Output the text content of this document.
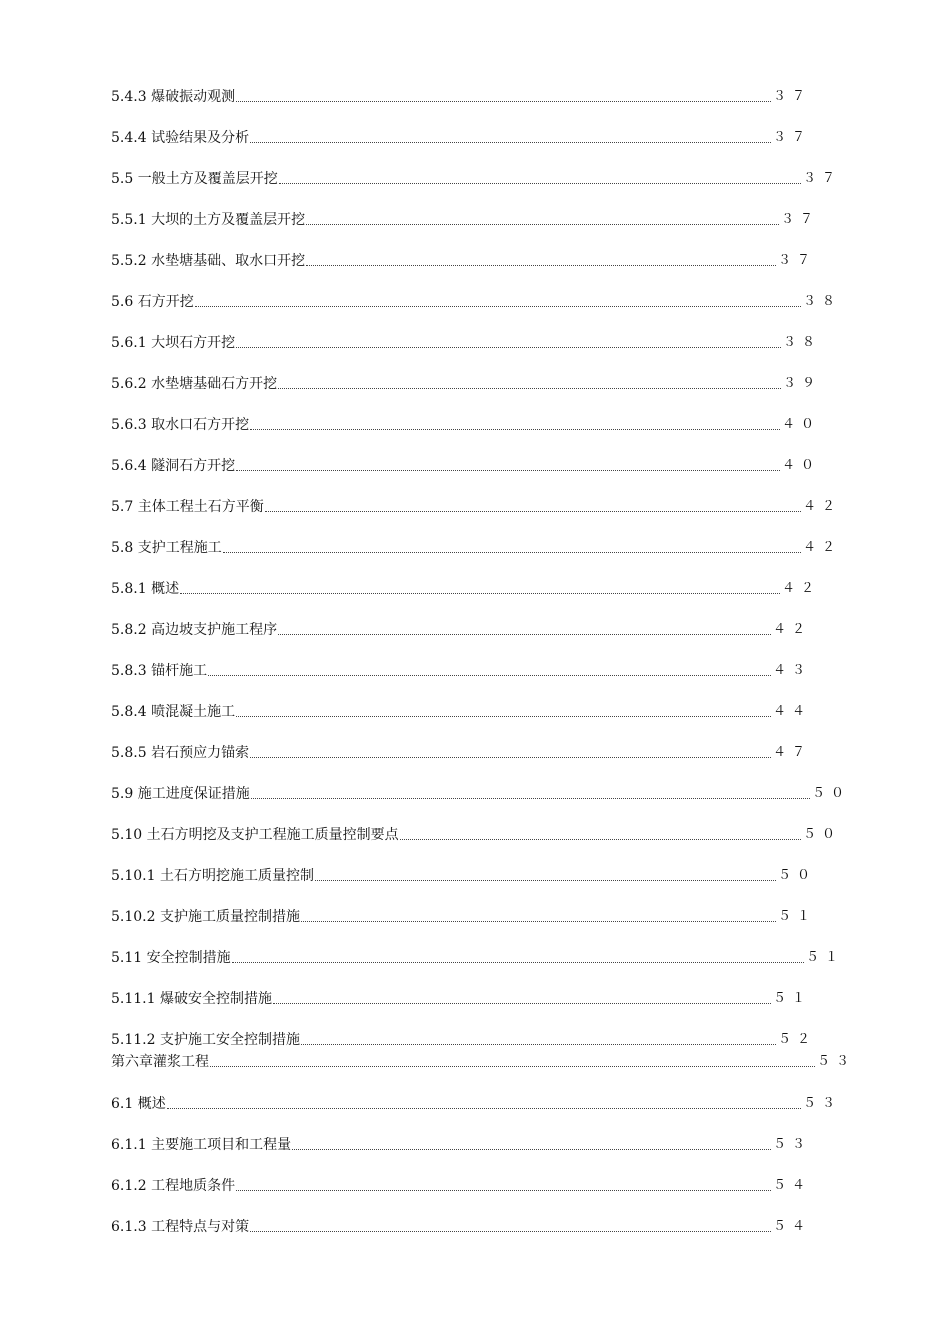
5.4.3 爆破振动观测	３７
5.4.4 试验结果及分析	３７
5.5 一般土方及覆盖层开挖	３７
5.5.1 大坝的土方及覆盖层开挖	３７
5.5.2 水垫塘基础、取水口开挖	３７
5.6 石方开挖	３８
5.6.1 大坝石方开挖	３８
5.6.2 水垫塘基础石方开挖	３９
5.6.3 取水口石方开挖	４０
5.6.4 隧洞石方开挖	４０
5.7 主体工程土石方平衡	４２
5.8 支护工程施工	４２
5.8.1 概述	４２
5.8.2 高边坡支护施工程序	４２
5.8.3 锚杆施工	４３
5.8.4 喷混凝土施工	４４
5.8.5 岩石预应力锚索	４７
5.9 施工进度保证措施	５０
5.10 土石方明挖及支护工程施工质量控制要点	５０
5.10.1 土石方明挖施工质量控制	５０
5.10.2 支护施工质量控制措施	５１
5.11 安全控制措施	５１
5.11.1 爆破安全控制措施	５１
5.11.2 支护施工安全控制措施	５２
第六章灌浆工程	５３
6.1 概述	５３
6.1.1 主要施工项目和工程量	５３
6.1.2 工程地质条件	５４
6.1.3 工程特点与对策	５４
